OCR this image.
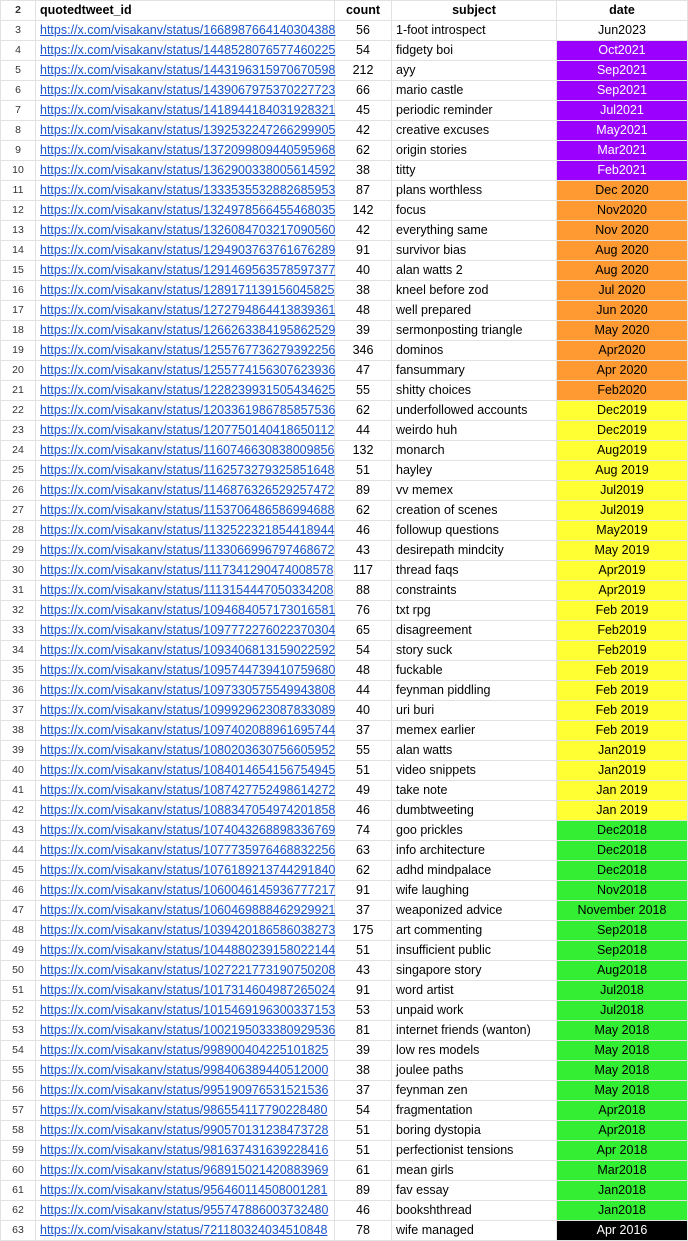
2	quotedtweet_id	count	subject	date
3	https://x.com/visakanv/status/1668987664140304388	56	1-foot introspect	Jun2023
4	https://x.com/visakanv/status/1448528076577460225	54	fidgety boi	Oct2021
5	https://x.com/visakanv/status/1443196315970670598	212	ayy	Sep2021
6	https://x.com/visakanv/status/1439067975370227723	66	mario castle	Sep2021
7	https://x.com/visakanv/status/1418944184031928321	45	periodic reminder	Jul2021
8	https://x.com/visakanv/status/1392532247266299905	42	creative excuses	May2021
9	https://x.com/visakanv/status/1372099809440595968	62	origin stories	Mar2021
10	https://x.com/visakanv/status/1362900338005614592	38	titty	Feb2021
11	https://x.com/visakanv/status/1333535532882685953	87	plans worthless	Dec 2020
12	https://x.com/visakanv/status/1324978566455468035	142	focus	Nov2020
13	https://x.com/visakanv/status/1326084703217090560	42	everything same	Nov 2020
14	https://x.com/visakanv/status/1294903763761676289	91	survivor bias	Aug 2020
15	https://x.com/visakanv/status/1291469563578597377	40	alan watts 2	Aug 2020
16	https://x.com/visakanv/status/1289171139156045825	38	kneel before zod	Jul 2020
17	https://x.com/visakanv/status/1272794864413839361	48	well prepared	Jun 2020
18	https://x.com/visakanv/status/1266263384195862529	39	sermonposting triangle	May 2020
19	https://x.com/visakanv/status/1255767736279392256	346	dominos	Apr2020
20	https://x.com/visakanv/status/1255774156307623936	47	fansummary	Apr 2020
21	https://x.com/visakanv/status/1228239931505434625	55	shitty choices	Feb2020
22	https://x.com/visakanv/status/1203361986785857536	62	underfollowed accounts	Dec2019
23	https://x.com/visakanv/status/1207750140418650112	44	weirdo huh	Dec2019
24	https://x.com/visakanv/status/1160746630838009856	132	monarch	Aug2019
25	https://x.com/visakanv/status/1162573279325851648	51	hayley	Aug 2019
26	https://x.com/visakanv/status/1146876326529257472	89	vv memex	Jul2019
27	https://x.com/visakanv/status/1153706486586994688	62	creation of scenes	Jul2019
28	https://x.com/visakanv/status/1132522321854418944	46	followup questions	May2019
29	https://x.com/visakanv/status/1133066996797468672	43	desirepath mindcity	May 2019
30	https://x.com/visakanv/status/1117341290474008578	117	thread faqs	Apr2019
31	https://x.com/visakanv/status/1113154447050334208	88	constraints	Apr2019
32	https://x.com/visakanv/status/1094684057173016581	76	txt rpg	Feb 2019
33	https://x.com/visakanv/status/1097772276022370304	65	disagreement	Feb2019
34	https://x.com/visakanv/status/1093406813159022592	54	story suck	Feb2019
35	https://x.com/visakanv/status/1095744739410759680	48	fuckable	Feb 2019
36	https://x.com/visakanv/status/1097330575549943808	44	feynman piddling	Feb 2019
37	https://x.com/visakanv/status/1099929623087833089	40	uri buri	Feb 2019
38	https://x.com/visakanv/status/1097402088961695744	37	memex earlier	Feb 2019
39	https://x.com/visakanv/status/1080203630756605952	55	alan watts	Jan2019
40	https://x.com/visakanv/status/1084014654156754945	51	video snippets	Jan2019
41	https://x.com/visakanv/status/1087427752498614272	49	take note	Jan 2019
42	https://x.com/visakanv/status/1088347054974201858	46	dumbtweeting	Jan 2019
43	https://x.com/visakanv/status/1074043268898336769	74	goo prickles	Dec2018
44	https://x.com/visakanv/status/1077735976468832256	63	info architecture	Dec2018
45	https://x.com/visakanv/status/1076189213744291840	62	adhd mindpalace	Dec2018
46	https://x.com/visakanv/status/1060046145936777217	91	wife laughing	Nov2018
47	https://x.com/visakanv/status/1060469888462929921	37	weaponized advice	November 2018
48	https://x.com/visakanv/status/1039420186586038273	175	art commenting	Sep2018
49	https://x.com/visakanv/status/1044880239158022144	51	insufficient public	Sep2018
50	https://x.com/visakanv/status/1027221773190750208	43	singapore story	Aug2018
51	https://x.com/visakanv/status/1017314604987265024	91	word artist	Jul2018
52	https://x.com/visakanv/status/1015469196300337153	53	unpaid work	Jul2018
53	https://x.com/visakanv/status/1002195033380929536	81	internet friends (wanton)	May 2018
54	https://x.com/visakanv/status/998900404225101825	39	low res models	May 2018
55	https://x.com/visakanv/status/998406389440512000	38	joulee paths	May 2018
56	https://x.com/visakanv/status/995190976531521536	37	feynman zen	May 2018
57	https://x.com/visakanv/status/986554117790228480	54	fragmentation	Apr2018
58	https://x.com/visakanv/status/990570131238473728	51	boring dystopia	Apr2018
59	https://x.com/visakanv/status/981637431639228416	51	perfectionist tensions	Apr 2018
60	https://x.com/visakanv/status/968915021420883969	61	mean girls	Mar2018
61	https://x.com/visakanv/status/956460114508001281	89	fav essay	Jan2018
62	https://x.com/visakanv/status/955747886003732480	46	bookshthread	Jan2018
63	https://x.com/visakanv/status/721180324034510848	78	wife managed	Apr 2016
